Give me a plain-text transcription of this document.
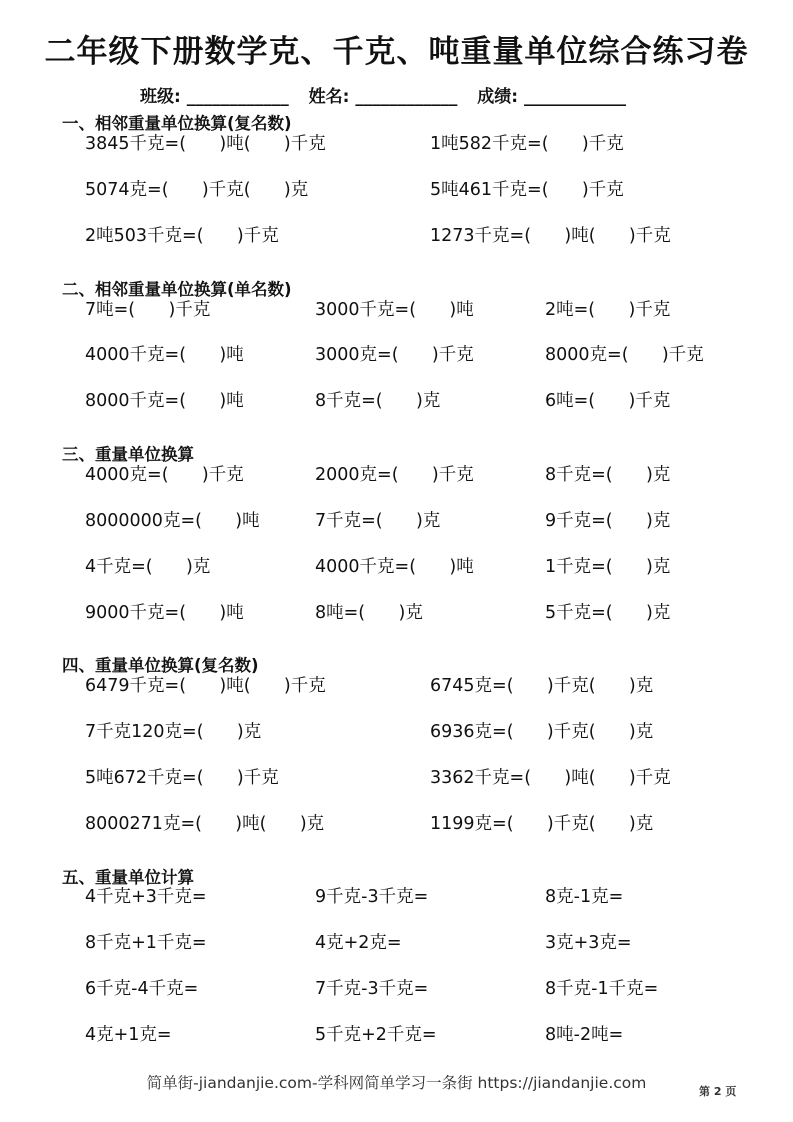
二年级下册数学克、千克、吨重量单位综合练习卷
班级: ____________ 姓名: ____________ 成绩: ____________
一、相邻重量单位换算(复名数)
3845千克=(      )吨(      )千克	1吨582千克=(      )千克
5074克=(      )千克(      )克	5吨461千克=(      )千克
2吨503千克=(      )千克	1273千克=(      )吨(      )千克
二、相邻重量单位换算(单名数)
7吨=(      )千克	3000千克=(      )吨	2吨=(      )千克
4000千克=(      )吨	3000克=(      )千克	8000克=(      )千克
8000千克=(      )吨	8千克=(      )克	6吨=(      )千克
三、重量单位换算
4000克=(      )千克	2000克=(      )千克	8千克=(      )克
8000000克=(      )吨	7千克=(      )克	9千克=(      )克
4千克=(      )克	4000千克=(      )吨	1千克=(      )克
9000千克=(      )吨	8吨=(      )克	5千克=(      )克
四、重量单位换算(复名数)
6479千克=(      )吨(      )千克	6745克=(      )千克(      )克
7千克120克=(      )克	6936克=(      )千克(      )克
5吨672千克=(      )千克	3362千克=(      )吨(      )千克
8000271克=(      )吨(      )克	1199克=(      )千克(      )克
五、重量单位计算
4千克+3千克=	9千克-3千克=	8克-1克=
8千克+1千克=	4克+2克=	3克+3克=
6千克-4千克=	7千克-3千克=	8千克-1千克=
4克+1克=	5千克+2千克=	8吨-2吨=
简单街-jiandanjie.com-学科网简单学习一条街 https://jiandanjie.com	第 2 页
